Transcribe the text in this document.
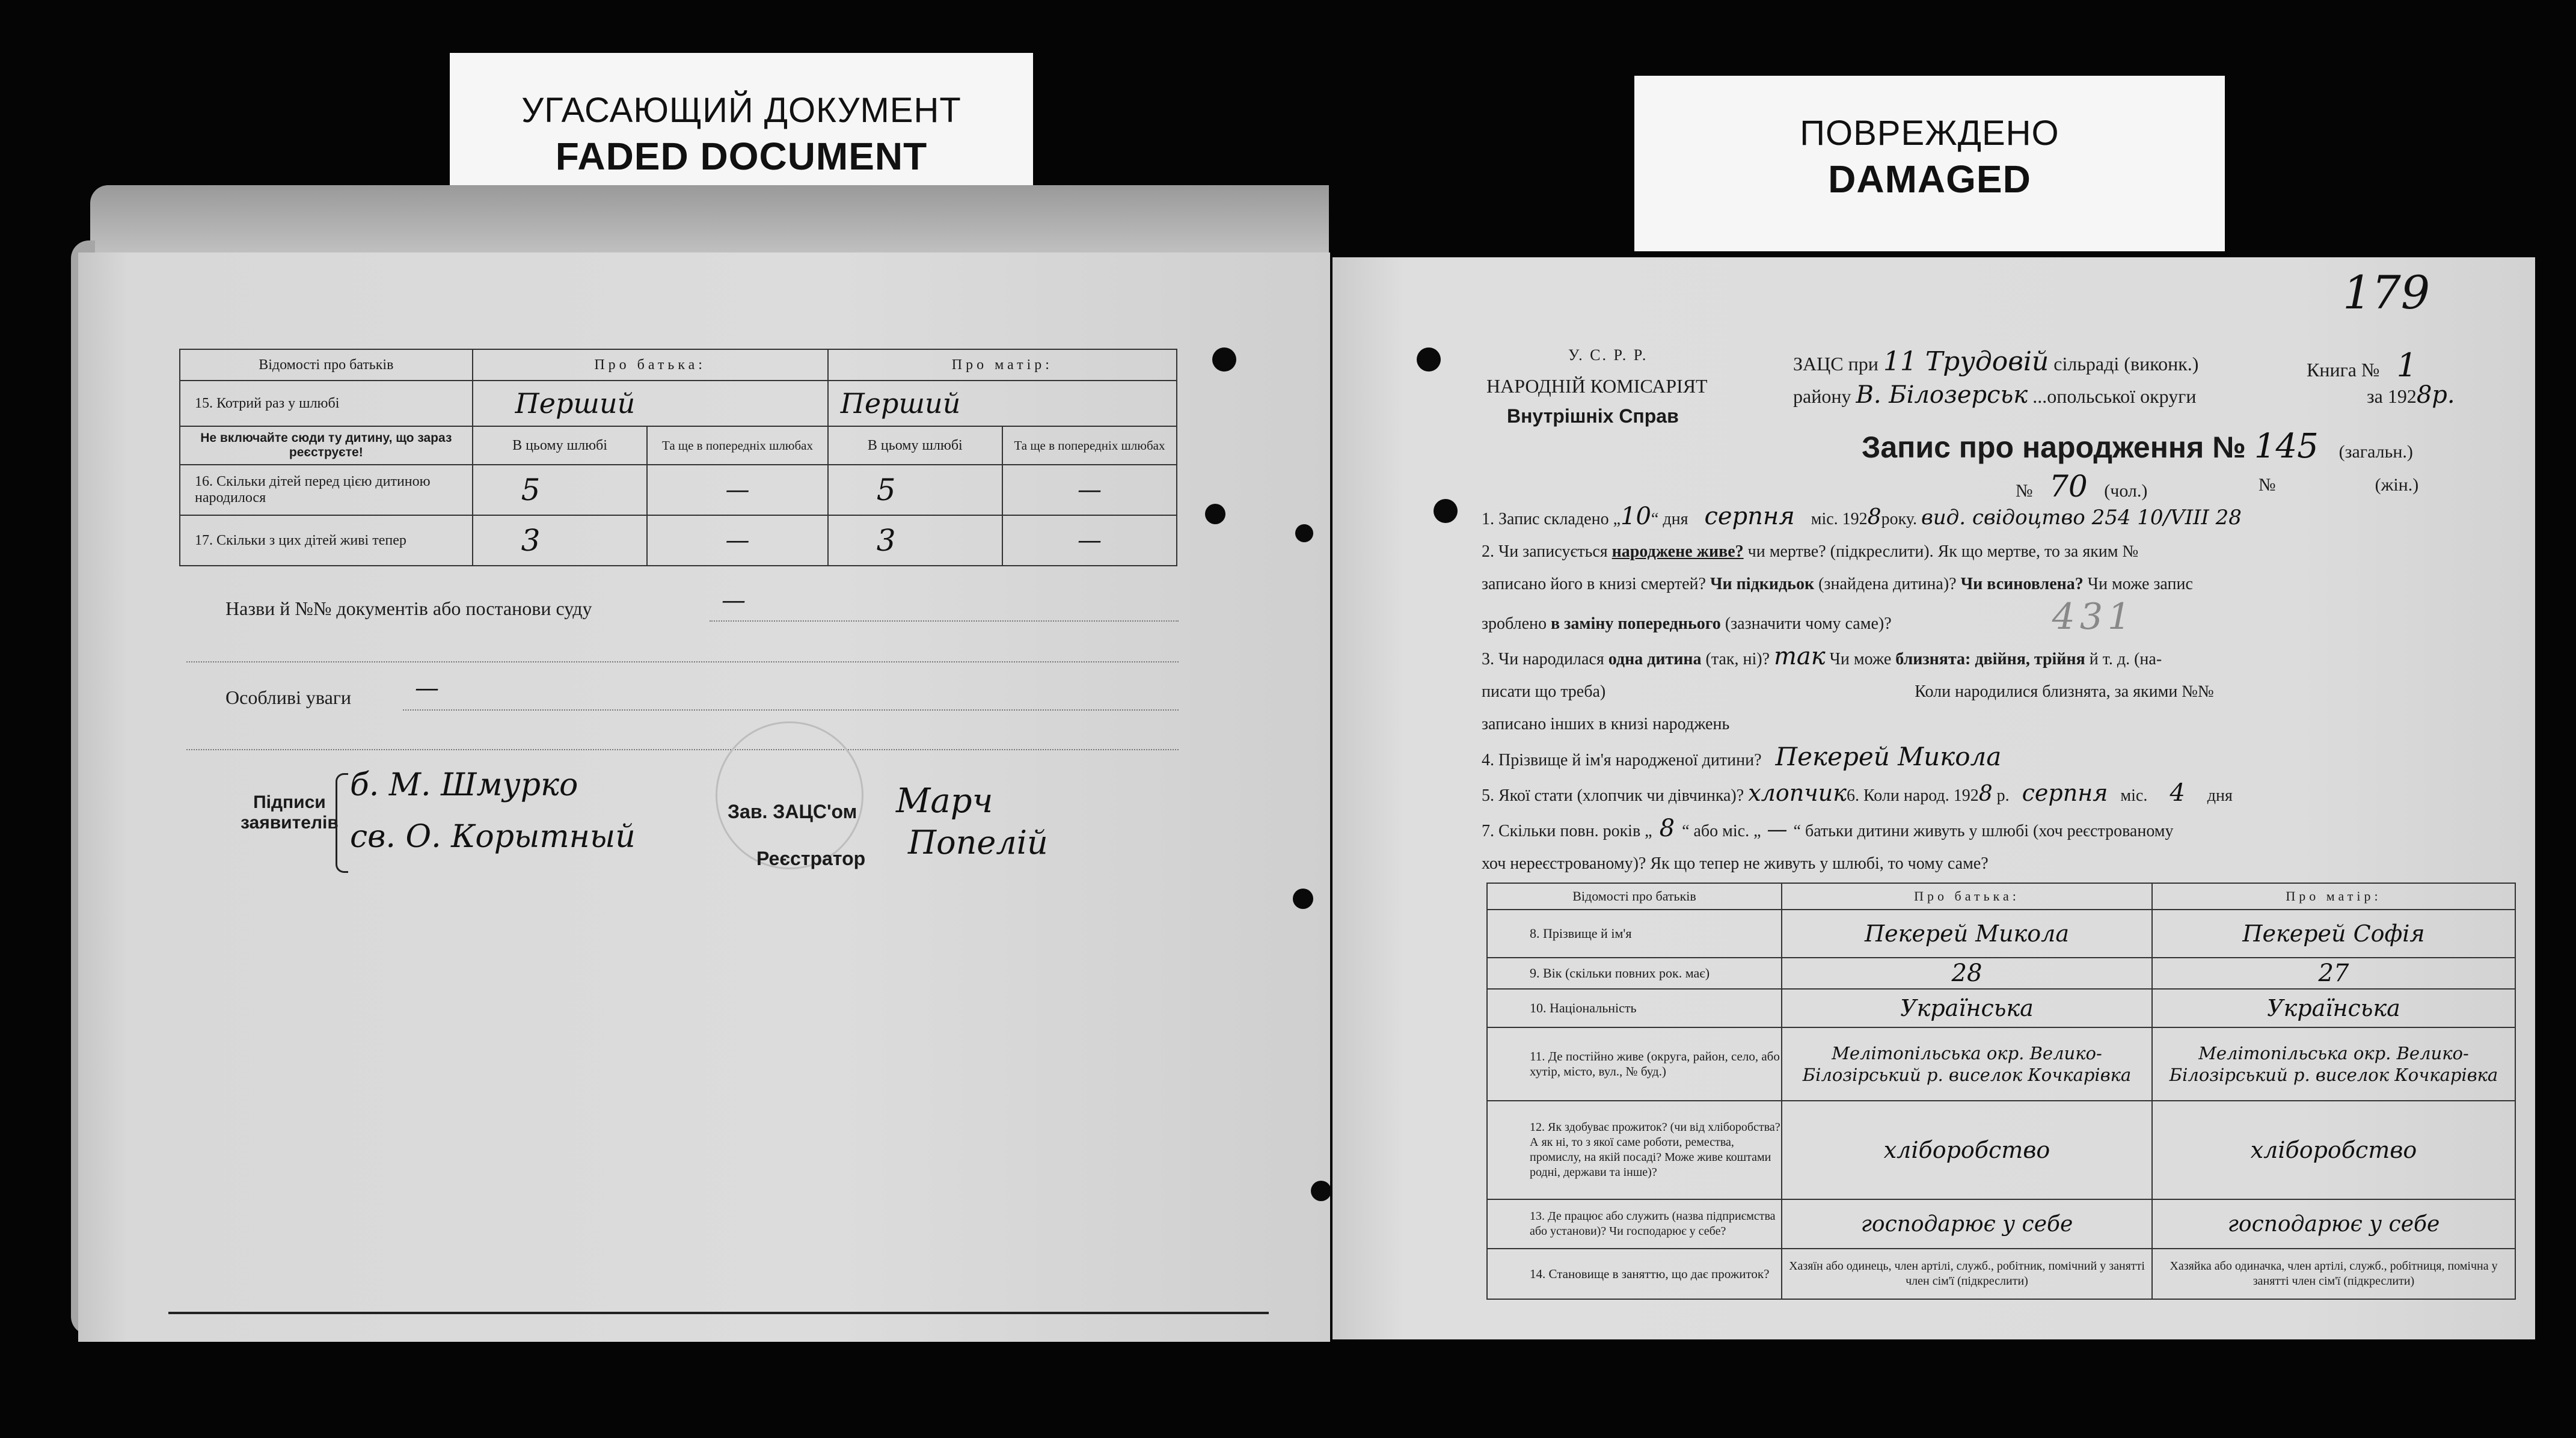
УГАСАЮЩИЙ ДОКУМЕНТ
FADED DOCUMENT
ПОВРЕЖДЕНО
DAMAGED
Відомості про батьків	Про батька:		Про матір:	
15. Котрий раз у шлюбі	Перший		Перший	
Не включайте сюди ту дитину, що зараз реєструєте!	В цьому шлюбі	Та ще в попередніх шлюбах	В цьому шлюбі	Та ще в попередніх шлюбах
16. Скільки дітей перед цією дитиною народилося	5	—	5	—
17. Скільки з цих дітей живі тепер	3	—	3	—
Назви й №№ документів або постанови суду	—
Особливі уваги	—
Підписи
заявителів
б. М. Шмурко
св. О. Корытный
Зав. ЗАЦС'ом Марч
Реєстратор Попелій
179
У. С. Р. Р.
НАРОДНІЙ КОМІСАРІЯТ
Внутрішніх Справ
ЗАЦС при 11 Трудовій сільраді (виконк.)	Книга № 1
району В. Білозерськ ...опольської округи	за 1928р.
Запис про народження № 145 (загальн.)
№ 70 (чол.)	№	(жін.)
1. Запис складено „10“ дня серпня міс. 1928року. вид. свідоцтво 254 10/VIII 28
2. Чи записується народжене живе? чи мертве? (підкреслити). Як що мертве, то за яким №
записано його в книзі смертей? Чи підкидьок (знайдена дитина)? Чи всиновлена? Чи може запис
зроблено в заміну попереднього (зазначити чому саме)?	431
3. Чи народилася одна дитина (так, ні)? так Чи може близнята: двійня, трійня й т. д. (на-
писати що треба)	Коли народилися близнята, за якими №№
записано інших в книзі народжень
4. Прізвище й ім'я народженої дитини? Пекерей Микола
5. Якої стати (хлопчик чи дівчинка)? хлопчик6. Коли народ. 1928 р. серпня міс. 4 дня
7. Скільки повн. років „ 8 “ або міс. „ — “ батьки дитини живуть у шлюбі (хоч реєстрованому
хоч нереєстрованому)? Як що тепер не живуть у шлюбі, то чому саме?
Відомості про батьків	Про батька:	Про матір:
8. Прізвище й ім'я	Пекерей Микола	Пекерей Софія
9. Вік (скільки повних рок. має)	28	27
10. Національність	Українська	Українська
11. Де постійно живе (округа, район, село, або хутір, місто, вул., № буд.)	Мелітопільська окр. Велико-Білозірський р. виселок Кочкарівка	Мелітопільська окр. Велико-Білозірський р. виселок Кочкарівка
12. Як здобуває прожиток? (чи від хліборобства? А як ні, то з якої саме роботи, ремества, промислу, на якій посаді? Може живе коштами родні, держави та інше)?	хліборобство	хліборобство
13. Де працює або служить (назва підприємства або установи)? Чи господарює у себе?	господарює у себе	господарює у себе
14. Становище в заняттю, що дає прожиток?	Хазяїн або одинець, член артілі, служб., робітник, помічний у занятті член сім'ї (підкреслити)	Хазяйка або одиначка, член артілі, служб., робітниця, помічна у занятті член сім'ї (підкреслити)
